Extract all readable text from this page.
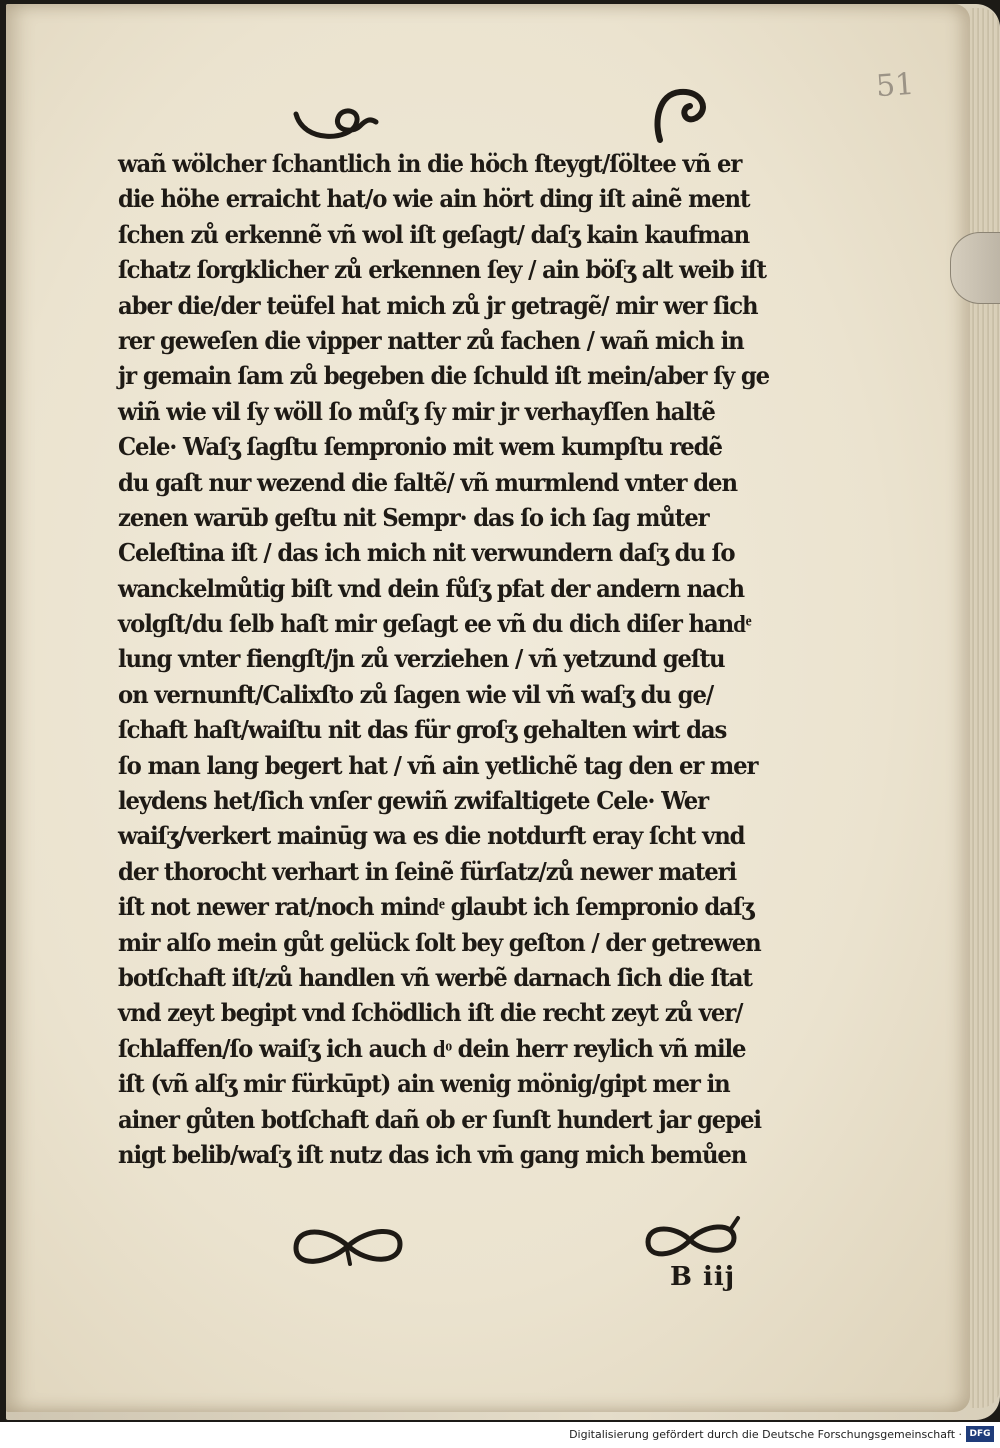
51
wañ wölcher ſchantlich in die höch ſteygt/ſöltee vñ er
die höhe erraicht hat/o wie ain hört ding iſt ainẽ ment
ſchen zů erkennẽ vñ wol iſt geſagt/ daſʒ kain kaufman
ſchatz ſorgklicher zů erkennen ſey / ain böſʒ alt weib iſt
aber die/der teüfel hat mich zů jr getragẽ/ mir wer ſich
rer geweſen die vipper natter zů fachen / wañ mich in
jr gemain ſam zů begeben die ſchuld iſt mein/aber ſy ge
wiñ wie vil ſy wöll ſo můſʒ ſy mir jr verhayſſen haltẽ
Cele· Waſʒ ſagſtu ſempronio mit wem kumpſtu redẽ
du gaſt nur wezend die faltẽ/ vñ murmlend vnter den
zenen warūb geſtu nit Sempr· das ſo ich ſag můter
Celeſtina iſt / das ich mich nit verwundern daſʒ du ſo
wanckelmůtig biſt vnd dein fůſʒ pfat der andern nach
volgſt/du ſelb haſt mir geſagt ee vñ du dich diſer handͤ
lung vnter fiengſt/jn zů verziehen / vñ yetzund geſtu
on vernunft/Calixſto zů ſagen wie vil vñ waſʒ du ge/
ſchaft haſt/waiſtu nit das für groſʒ gehalten wirt das
ſo man lang begert hat / vñ ain yetlichẽ tag den er mer
leydens het/ſich vnſer gewiñ zwifaltigete Cele· Wer
waiſʒ/verkert mainūg wa es die notdurft eray ſcht vnd
der thorocht verhart in ſeinẽ fürſatz/zů newer materi
iſt not newer rat/noch mindͤ glaubt ich ſempronio daſʒ
mir alſo mein gůt gelück ſolt bey geſton / der getrewen
botſchaft iſt/zů handlen vñ werbẽ darnach ſich die ſtat
vnd zeyt begipt vnd ſchödlich iſt die recht zeyt zů ver/
ſchlaffen/ſo waiſʒ ich auch dͦ dein herr reylich vñ mile
iſt (vñ alſʒ mir fürkūpt) ain wenig mönig/gipt mer in
ainer gůten botſchaft dañ ob er ſunſt hundert jar gepei
nigt belib/waſʒ iſt nutz das ich vm̄ gang mich bemůen
B iij
Digitalisierung gefördert durch die Deutsche Forschungsgemeinschaft · DFG
